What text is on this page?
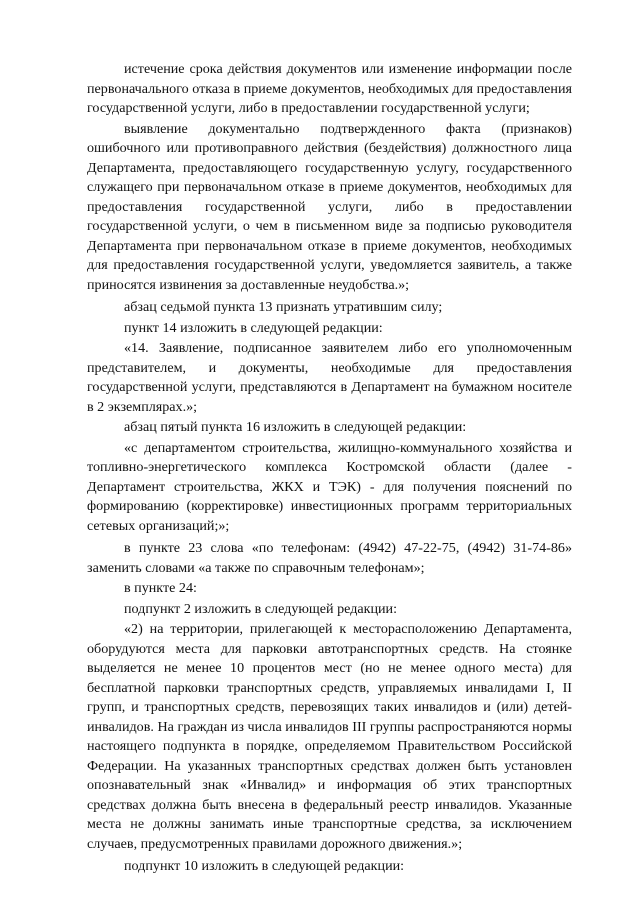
истечение срока действия документов или изменение информации после первоначального отказа в приеме документов, необходимых для предоставления государственной услуги, либо в предоставлении государственной услуги;

выявление документально подтвержденного факта (признаков) ошибочного или противоправного действия (бездействия) должностного лица Департамента, предоставляющего государственную услугу, государственного служащего при первоначальном отказе в приеме документов, необходимых для предоставления государственной услуги, либо в предоставлении государственной услуги, о чем в письменном виде за подписью руководителя Департамента при первоначальном отказе в приеме документов, необходимых для предоставления государственной услуги, уведомляется заявитель, а также приносятся извинения за доставленные неудобства.»;

абзац седьмой пункта 13 признать утратившим силу;

пункт 14 изложить в следующей редакции:

«14. Заявление, подписанное заявителем либо его уполномоченным представителем, и документы, необходимые для предоставления государственной услуги, представляются в Департамент на бумажном носителе в 2 экземплярах.»;

абзац пятый пункта 16 изложить в следующей редакции:

«с департаментом строительства, жилищно-коммунального хозяйства и топливно-энергетического комплекса Костромской области (далее - Департамент строительства, ЖКХ и ТЭК) - для получения пояснений по формированию (корректировке) инвестиционных программ территориальных сетевых организаций;»;

в пункте 23 слова «по телефонам: (4942) 47-22-75, (4942) 31-74-86» заменить словами «а также по справочным телефонам»;

в пункте 24:

подпункт 2 изложить в следующей редакции:

«2) на территории, прилегающей к месторасположению Департамента, оборудуются места для парковки автотранспортных средств. На стоянке выделяется не менее 10 процентов мест (но не менее одного места) для бесплатной парковки транспортных средств, управляемых инвалидами I, II групп, и транспортных средств, перевозящих таких инвалидов и (или) детей-инвалидов. На граждан из числа инвалидов III группы распространяются нормы настоящего подпункта в порядке, определяемом Правительством Российской Федерации. На указанных транспортных средствах должен быть установлен опознавательный знак «Инвалид» и информация об этих транспортных средствах должна быть внесена в федеральный реестр инвалидов. Указанные места не должны занимать иные транспортные средства, за исключением случаев, предусмотренных правилами дорожного движения.»;

подпункт 10 изложить в следующей редакции:
